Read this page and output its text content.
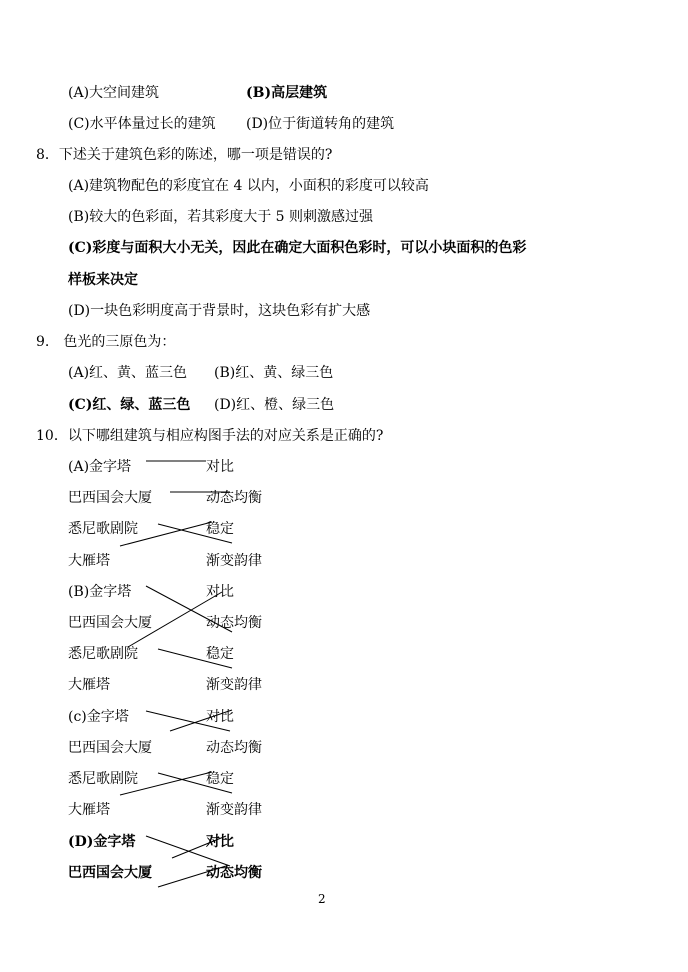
(A)大空间建筑	(B)高层建筑
(C)水平体量过长的建筑 (D)位于街道转角的建筑
8．下述关于建筑色彩的陈述，哪一项是错误的?
(A)建筑物配色的彩度宜在 4 以内，小面积的彩度可以较高
(B)较大的色彩面，若其彩度大于 5 则刺激感过强
(C)彩度与面积大小无关，因此在确定大面积色彩时，可以小块面积的色彩
样板来决定
(D)一块色彩明度高于背景时，这块色彩有扩大感
9.　色光的三原色为：
(A)红、黄、蓝三色 (B)红、黄、绿三色
(C)红、绿、蓝三色 (D)红、橙、绿三色
10．以下哪组建筑与相应构图手法的对应关系是正确的?
(A)金字塔
巴西国会大厦
悉尼歌剧院
大雁塔
对比
动态均衡
稳定
渐变韵律
(B)金字塔
巴西国会大厦
悉尼歌剧院
大雁塔
对比
动态均衡
稳定
渐变韵律
(c)金字塔
巴西国会大厦
悉尼歌剧院
大雁塔
对比
动态均衡
稳定
渐变韵律
(D)金字塔
巴西国会大厦
对比
动态均衡
2
